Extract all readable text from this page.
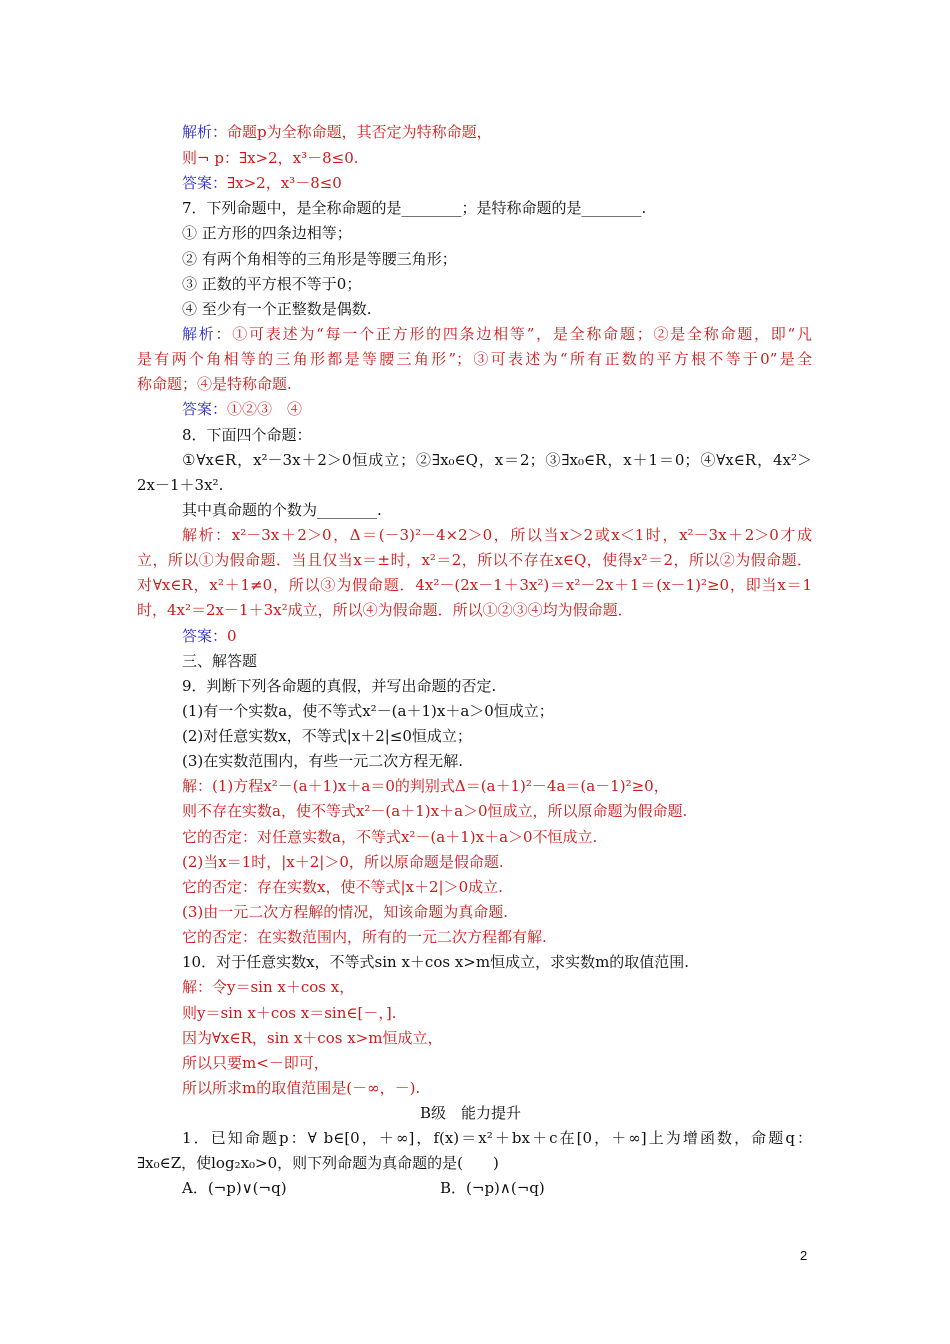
解析：命题p为全称命题，其否定为特称命题，
则¬ p：∃x>2，x³－8≤0.
答案：∃x>2，x³－8≤0
7．下列命题中，是全称命题的是________；是特称命题的是________.
① 正方形的四条边相等；
② 有两个角相等的三角形是等腰三角形；
③ 正数的平方根不等于0；
④ 至少有一个正整数是偶数.
解析：①可表述为“每一个正方形的四条边相等”，是全称命题；②是全称命题，即“凡
是有两个角相等的三角形都是等腰三角形”；③可表述为“所有正数的平方根不等于0”是全
称命题；④是特称命题.
答案：①②③　④
8．下面四个命题：
①∀x∈R，x²－3x＋2＞0恒成立；②∃x₀∈Q，x＝2；③∃x₀∈R，x＋1＝0；④∀x∈R，4x²＞
2x－1＋3x².
其中真命题的个数为________.
解析：x²－3x＋2＞0，Δ＝(－3)²－4×2＞0，所以当x＞2或x＜1时，x²－3x＋2＞0才成
立，所以①为假命题．当且仅当x＝±时，x²＝2，所以不存在x∈Q，使得x²＝2，所以②为假命题．
对∀x∈R，x²＋1≠0，所以③为假命题．4x²－(2x－1＋3x²)＝x²－2x＋1＝(x－1)²≥0，即当x＝1
时，4x²＝2x－1＋3x²成立，所以④为假命题．所以①②③④均为假命题．
答案：0
三、解答题
9．判断下列各命题的真假，并写出命题的否定.
(1)有一个实数a，使不等式x²－(a＋1)x＋a＞0恒成立；
(2)对任意实数x，不等式|x＋2|≤0恒成立；
(3)在实数范围内，有些一元二次方程无解.
解：(1)方程x²－(a＋1)x＋a＝0的判别式Δ＝(a＋1)²－4a＝(a－1)²≥0，
则不存在实数a，使不等式x²－(a＋1)x＋a＞0恒成立，所以原命题为假命题.
它的否定：对任意实数a，不等式x²－(a＋1)x＋a＞0不恒成立.
(2)当x＝1时，|x＋2|＞0，所以原命题是假命题.
它的否定：存在实数x，使不等式|x＋2|＞0成立.
(3)由一元二次方程解的情况，知该命题为真命题.
它的否定：在实数范围内，所有的一元二次方程都有解.
10．对于任意实数x，不等式sin x＋cos x>m恒成立，求实数m的取值范围.
解：令y＝sin x＋cos x，
则y＝sin x＋cos x＝sin∈[－，].
因为∀x∈R，sin x＋cos x>m恒成立，
所以只要m<－即可，
所以所求m的取值范围是(－∞，－).
B级　能力提升
1．已知命题p：∀ b∈[0，＋∞]，f(x)＝x²＋bx＋c在[0，＋∞]上为增函数，命题q：
∃x₀∈Z，使log₂x₀>0，则下列命题为真命题的是(　　)
A．(¬p)∨(¬q)	B．(¬p)∧(¬q)
2
